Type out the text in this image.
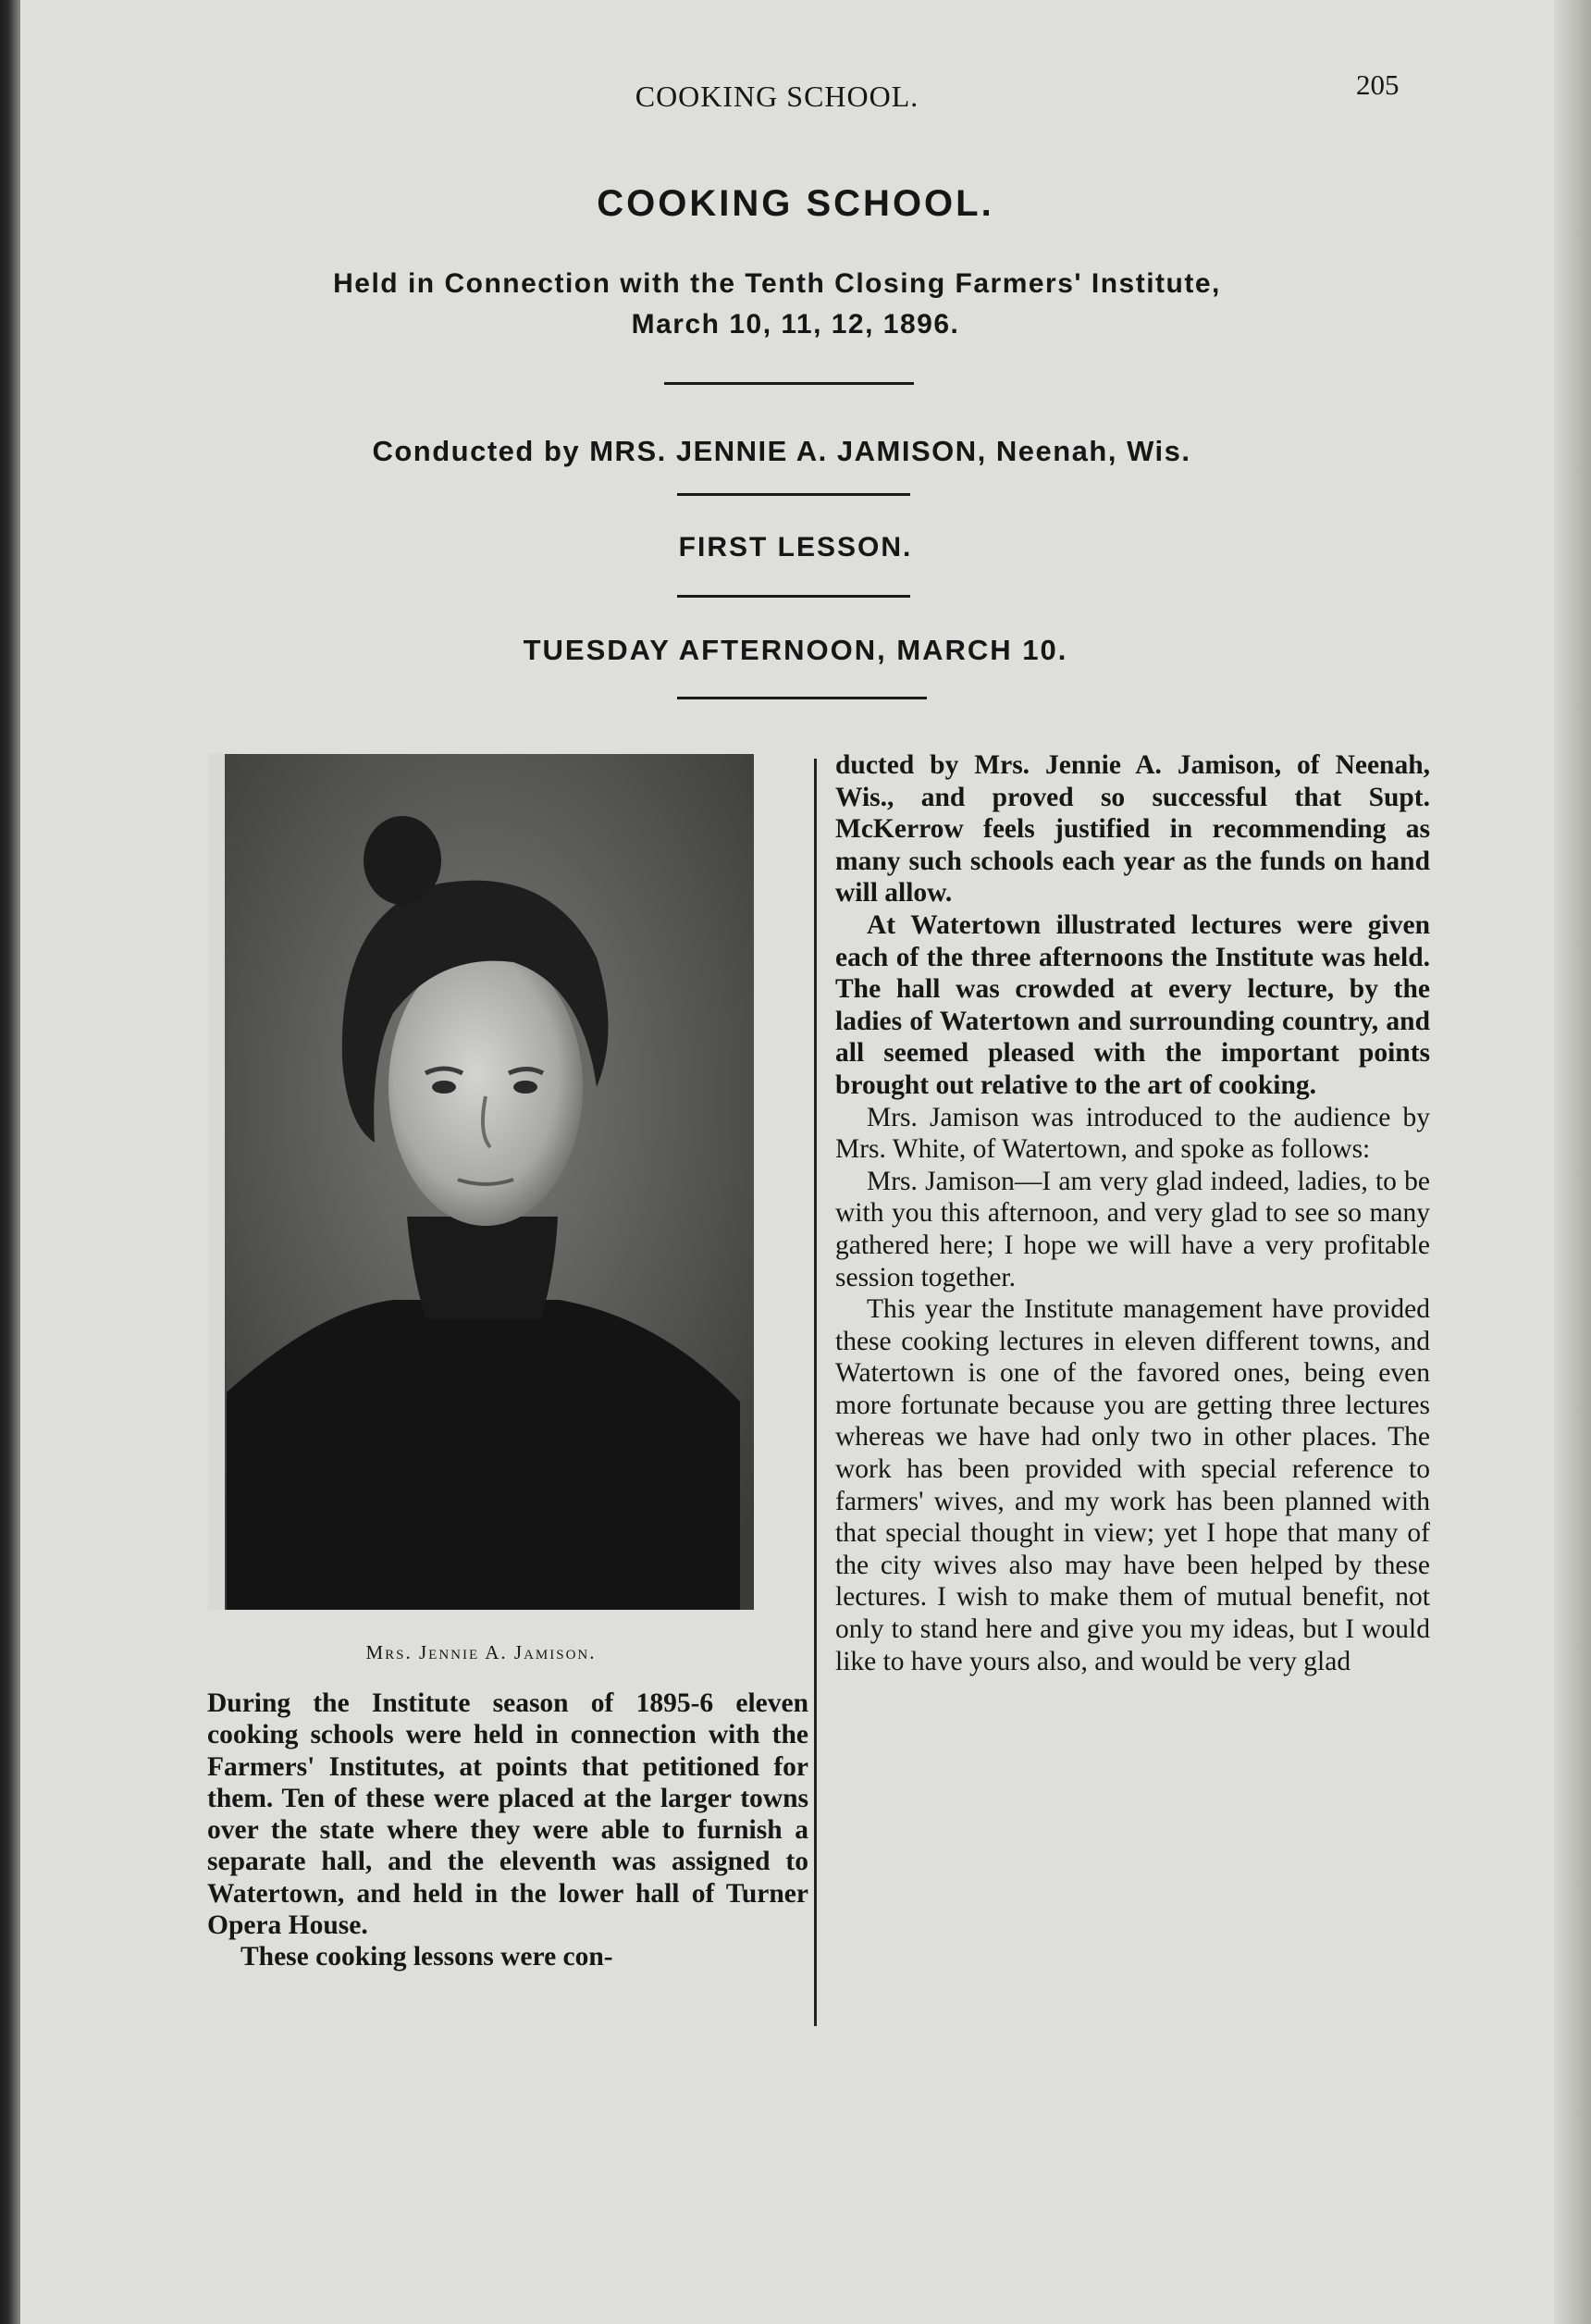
COOKING SCHOOL.	205
COOKING SCHOOL.
Held in Connection with the Tenth Closing Farmers' Institute,
March 10, 11, 12, 1896.
Conducted by MRS. JENNIE A. JAMISON, Neenah, Wis.
FIRST LESSON.
TUESDAY AFTERNOON, MARCH 10.
Mrs. Jennie A. Jamison.

During the Institute season of 1895-6 eleven cooking schools were held in connection with the Farmers' Institutes, at points that petitioned for them. Ten of these were placed at the larger towns over the state where they were able to furnish a separate hall, and the eleventh was assigned to Watertown, and held in the lower hall of Turner Opera House.

These cooking lessons were con-

ducted by Mrs. Jennie A. Jamison, of Neenah, Wis., and proved so successful that Supt. McKerrow feels justified in recommending as many such schools each year as the funds on hand will allow.

At Watertown illustrated lectures were given each of the three afternoons the Institute was held. The hall was crowded at every lecture, by the ladies of Watertown and surrounding country, and all seemed pleased with the important points brought out relative to the art of cooking.

Mrs. Jamison was introduced to the audience by Mrs. White, of Watertown, and spoke as follows:

Mrs. Jamison—I am very glad indeed, ladies, to be with you this afternoon, and very glad to see so many gathered here; I hope we will have a very profitable session together.

This year the Institute management have provided these cooking lectures in eleven different towns, and Watertown is one of the favored ones, being even more fortunate because you are getting three lectures whereas we have had only two in other places. The work has been provided with special reference to farmers' wives, and my work has been planned with that special thought in view; yet I hope that many of the city wives also may have been helped by these lectures. I wish to make them of mutual benefit, not only to stand here and give you my ideas, but I would like to have yours also, and would be very glad
